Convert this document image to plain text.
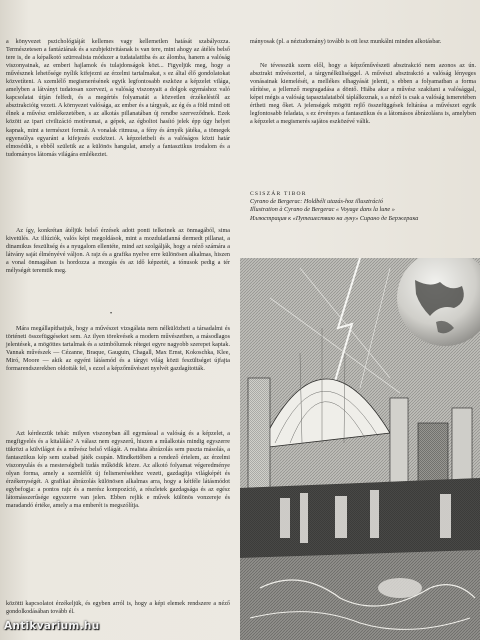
a könyvezet pszichológiáját kellemes vagy kellemetlen hatását szabályozza. Természetesen a fantáziának és a szubjektivitásnak is van tere, mint ahogy az átélés belső tere is, de a képalkotó szürrealista módszer a tudatalattiba és az álomba, hanem a valóság viszonyainak, az emberi hajlamok és tulajdonságok közt... Figyeljük meg, hogy a művésznek lehetősége nyílik kifejezni az érzelmi tartalmakat, s ez által élő gondolatokat közvetíteni. A szemlélő megismerésének egyik legfontosabb eszköze a képzelet világa, amelyben a látványt tudatosan szervezi, a valóság viszonyait a dolgok egymáshoz való kapcsolatai útján felfedi, és a megértés folyamatát a közvetlen érzékeléstől az absztrakcióig vezeti. A környezet valósága, az ember és a tárgyak, az ég és a föld mind ott élnek a művész emlékezetében, s az alkotás pillanatában új rendbe szerveződnek. Ezek között az ipari civilizáció motívumai, a gépek, az égboltot hasító jelek épp úgy helyet kapnak, mint a természet formái. A vonalak ritmusa, a fény és árnyék játéka, a tömegek egyensúlya egyaránt a kifejezés eszközei. A képzeletbeli és a valóságos közti határ elmosódik, s ebből születik az a különös hangulat, amely a fantasztikus irodalom és a tudományos látomás világára emlékeztet.

Az így, konkrétan átéljük belső érzések adott ponti telkeinek az önmagából, sima kivetülés. Az illúziók, valós képi megoldások, mint a mozdulatlanná dermedt pillanat, a dinamikus feszültség és a nyugalom ellentéte, mind azt szolgálják, hogy a néző számára a látvány saját élményévé váljon. A rajz és a grafika nyelve erre különösen alkalmas, hiszen a vonal önmagában is hordozza a mozgás és az idő képzetét, a tónusok pedig a tér mélységét teremtik meg.

•

Mára megállapíthatjuk, hogy a művészet vizsgálata nem nélkülözheti a társadalmi és történeti összefüggéseket sem. Az ilyen törekvések a modern művészetben, a másodlagos jelentések, a mögöttes tartalmak és a szimbólumok rétegei egyre nagyobb szerepet kaptak. Vannak művészek — Cézanne, Braque, Gauguin, Chagall, Max Ernst, Kokoschka, Klee, Miró, Moore — akik az egyéni látásmód és a tárgyi világ közti feszültséget újfajta formarendszerekben oldották fel, s ezzel a képzőművészet nyelvét gazdagították.

Azt kérdezzük tehát: milyen viszonyban áll egymással a valóság és a képzelet, a megfigyelés és a kitalálás? A válasz nem egyszerű, hiszen a műalkotás mindig egyszerre tükrözi a külvilágot és a művész belső világát. A realista ábrázolás sem puszta másolás, a fantasztikus kép sem szabad játék csupán. Mindkettőben a rendező értelem, az érzelmi viszonyulás és a mesterségbeli tudás működik közre. Az alkotó folyamat végeredménye olyan forma, amely a szemlélőt új felismerésekhez vezeti, gazdagítja világképét és érzékenységét. A grafikai ábrázolás különösen alkalmas arra, hogy a kétféle látásmódot egybefogja: a pontos rajz és a merész kompozíció, a részletek gazdagsága és az egész látomásszerűsége egyszerre van jelen. Ebben rejlik e művek különös vonzereje és maradandó értéke, amely a ma emberét is megszólítja.

közötti kapcsolatot érzékeljük, és egyben arról is, hogy a képi elemek rendszere a néző gondolkodásában tovább él.

mányosak (pl. a néztudomány) tovább is ott lesz munkálni minden alkotásbar.

Ne tévesszük szem elől, hogy a képzőművészeti absztrakció nem azonos az ún. absztrakt művészettel, a tárgynélküliséggel. A művészi absztrakció a valóság lényeges vonásainak kiemelését, a mellékes elhagyását jelenti, s ebben a folyamatban a forma sűrítése, a jellemző megragadása a döntő. Hiába akar a művész szakítani a valósággal, képei mégis a valóság tapasztalataiból táplálkoznak, s a néző is csak a valóság ismeretében értheti meg őket. A jelenségek mögött rejlő összefüggések feltárása a művészet egyik legfontosabb feladata, s ez érvényes a fantasztikus és a látomásos ábrázolásra is, amelyben a képzelet a megismerés sajátos eszközévé válik.

CSISZÁR TIBOR
Cyrano de Bergerac: Holdbéli utazás-hoz illusztráció
Illustration à Cyrano de Bergerac « Voyage dans la lune »
Иллюстрация к «Путешествию на луну» Сирано де Бержерака
Antikvarium.hu
